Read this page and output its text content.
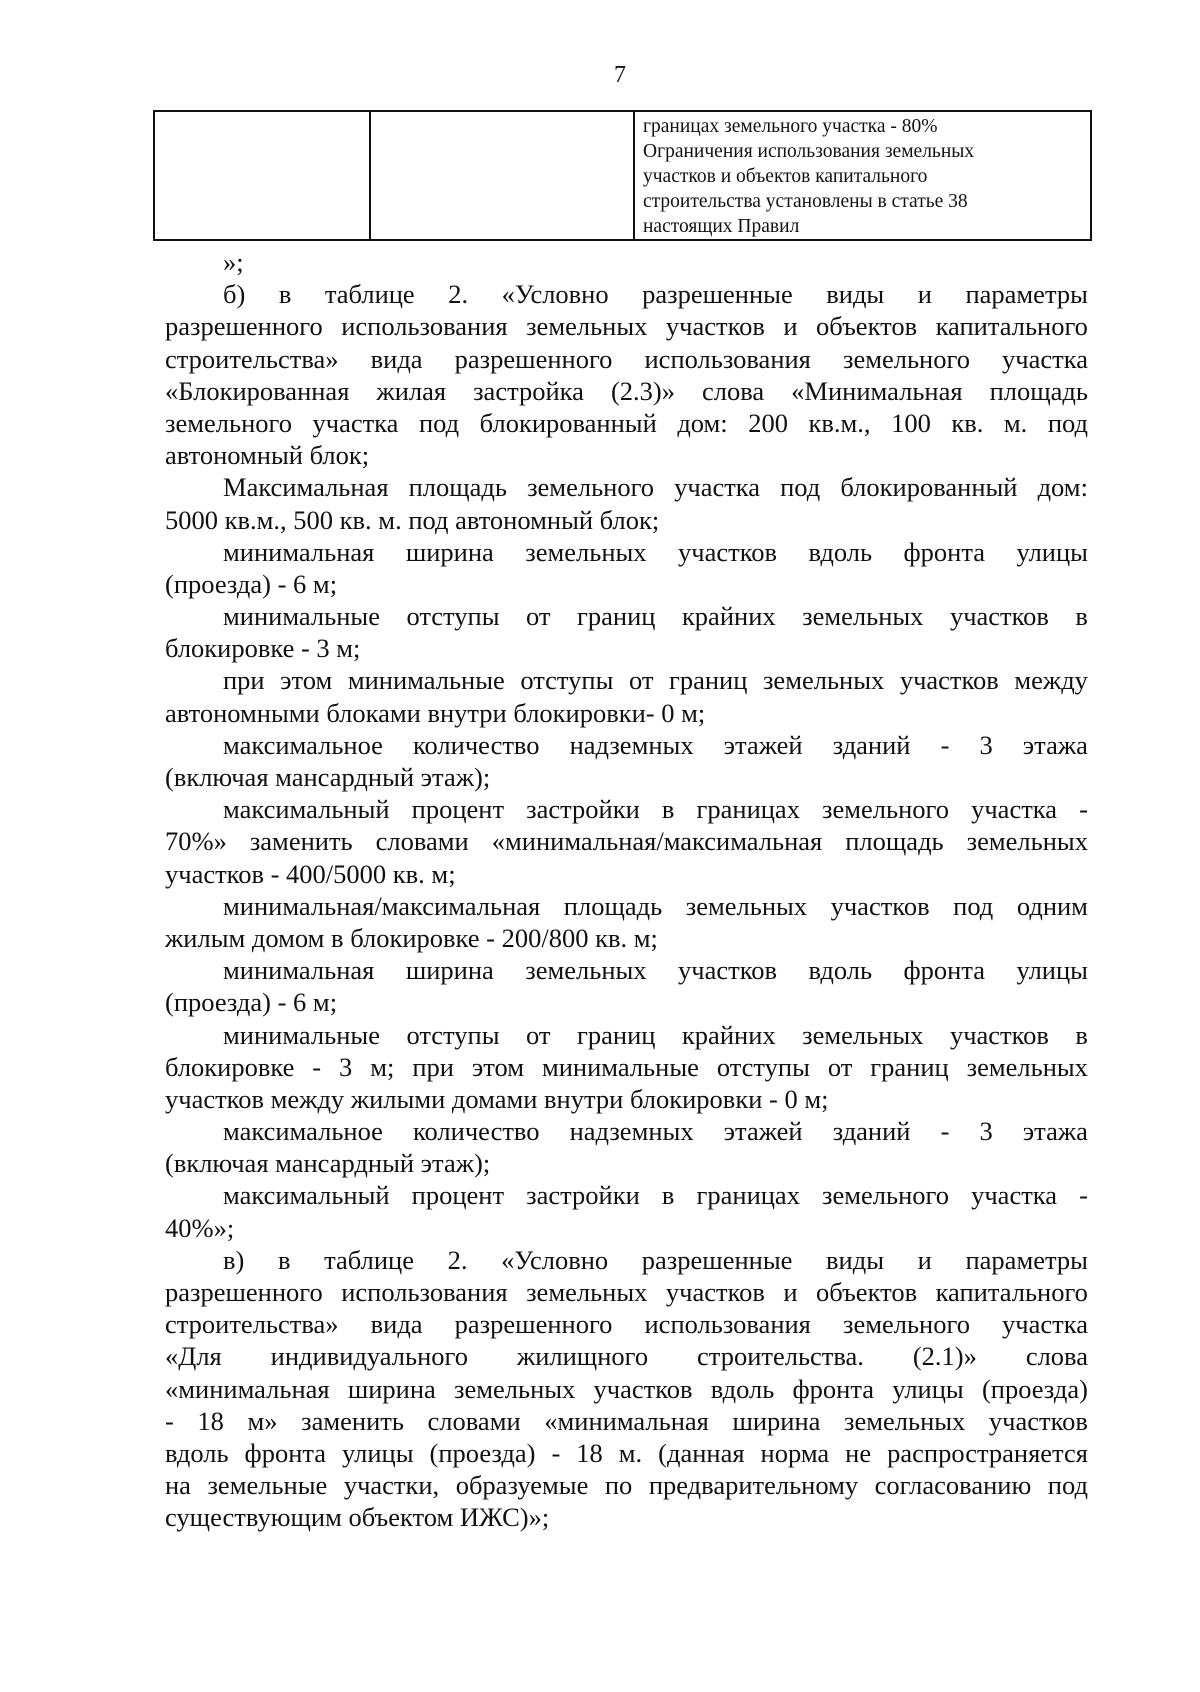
7

границах земельного участка - 80%
Ограничения использования земельных
участков и объектов капитального
строительства установлены в статье 38
настоящих Правил
»;
б) в таблице 2. «Условно разрешенные виды и параметры
разрешенного использования земельных участков и объектов капитального
строительства» вида разрешенного использования земельного участка
«Блокированная жилая застройка (2.3)» слова «Минимальная площадь
земельного участка под блокированный дом: 200 кв.м., 100 кв. м. под
автономный блок;
Максимальная площадь земельного участка под блокированный дом:
5000 кв.м., 500 кв. м. под автономный блок;
минимальная ширина земельных участков вдоль фронта улицы
(проезда) - 6 м;
минимальные отступы от границ крайних земельных участков в
блокировке - 3 м;
при этом минимальные отступы от границ земельных участков между
автономными блоками внутри блокировки- 0 м;
максимальное количество надземных этажей зданий - 3 этажа
(включая мансардный этаж);
максимальный процент застройки в границах земельного участка -
70%» заменить словами «минимальная/максимальная площадь земельных
участков - 400/5000 кв. м;
минимальная/максимальная площадь земельных участков под одним
жилым домом в блокировке - 200/800 кв. м;
минимальная ширина земельных участков вдоль фронта улицы
(проезда) - 6 м;
минимальные отступы от границ крайних земельных участков в
блокировке - 3 м; при этом минимальные отступы от границ земельных
участков между жилыми домами внутри блокировки - 0 м;
максимальное количество надземных этажей зданий - 3 этажа
(включая мансардный этаж);
максимальный процент застройки в границах земельного участка -
40%»;
в) в таблице 2. «Условно разрешенные виды и параметры
разрешенного использования земельных участков и объектов капитального
строительства» вида разрешенного использования земельного участка
«Для индивидуального жилищного строительства. (2.1)» слова
«минимальная ширина земельных участков вдоль фронта улицы (проезда)
- 18 м» заменить словами «минимальная ширина земельных участков
вдоль фронта улицы (проезда) - 18 м. (данная норма не распространяется
на земельные участки, образуемые по предварительному согласованию под
существующим объектом ИЖС)»;
